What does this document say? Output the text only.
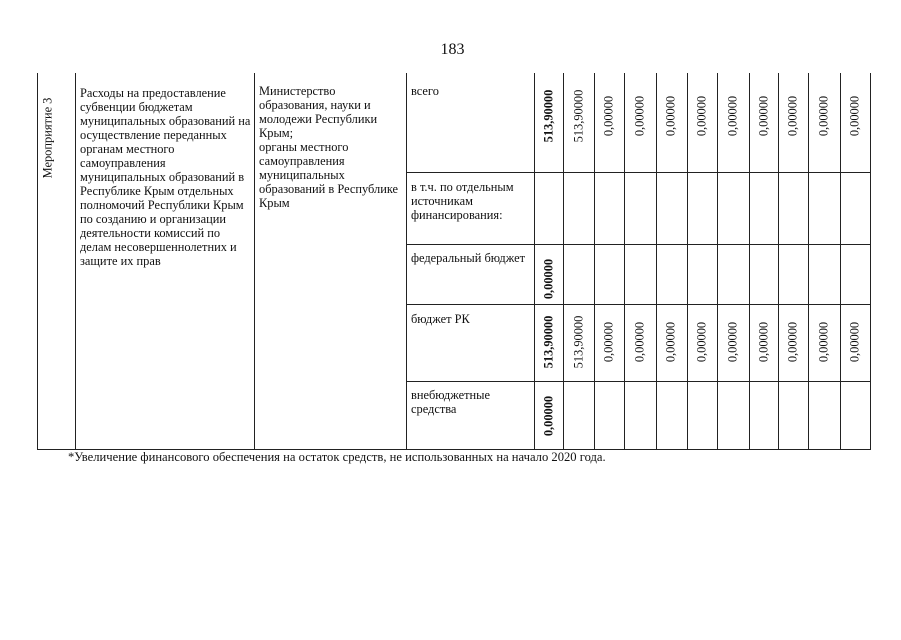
183
Мероприятие 3
Расходы на предоставление субвенции бюджетам муниципальных образований на осуществление переданных органам местного самоуправления муниципальных образований в Республике Крым отдельных полномочий Республики Крым по созданию и организации деятельности комиссий по делам несовершеннолетних и защите их прав
Министерство образования, науки и молодежи Республики Крым;
органы местного самоуправления муниципальных образований в Республике Крым
всего
в т.ч. по отдельным источникам финансирования:
федеральный бюджет
бюджет РК
внебюджетные средства
513,90000
0,00000
513,90000
0,00000
513,90000 0,00000 0,00000 0,00000 0,00000 0,00000 0,00000 0,00000 0,00000 0,00000
513,90000 0,00000 0,00000 0,00000 0,00000 0,00000 0,00000 0,00000 0,00000 0,00000
*Увеличение финансового обеспечения на остаток средств, не использованных на начало 2020 года.
